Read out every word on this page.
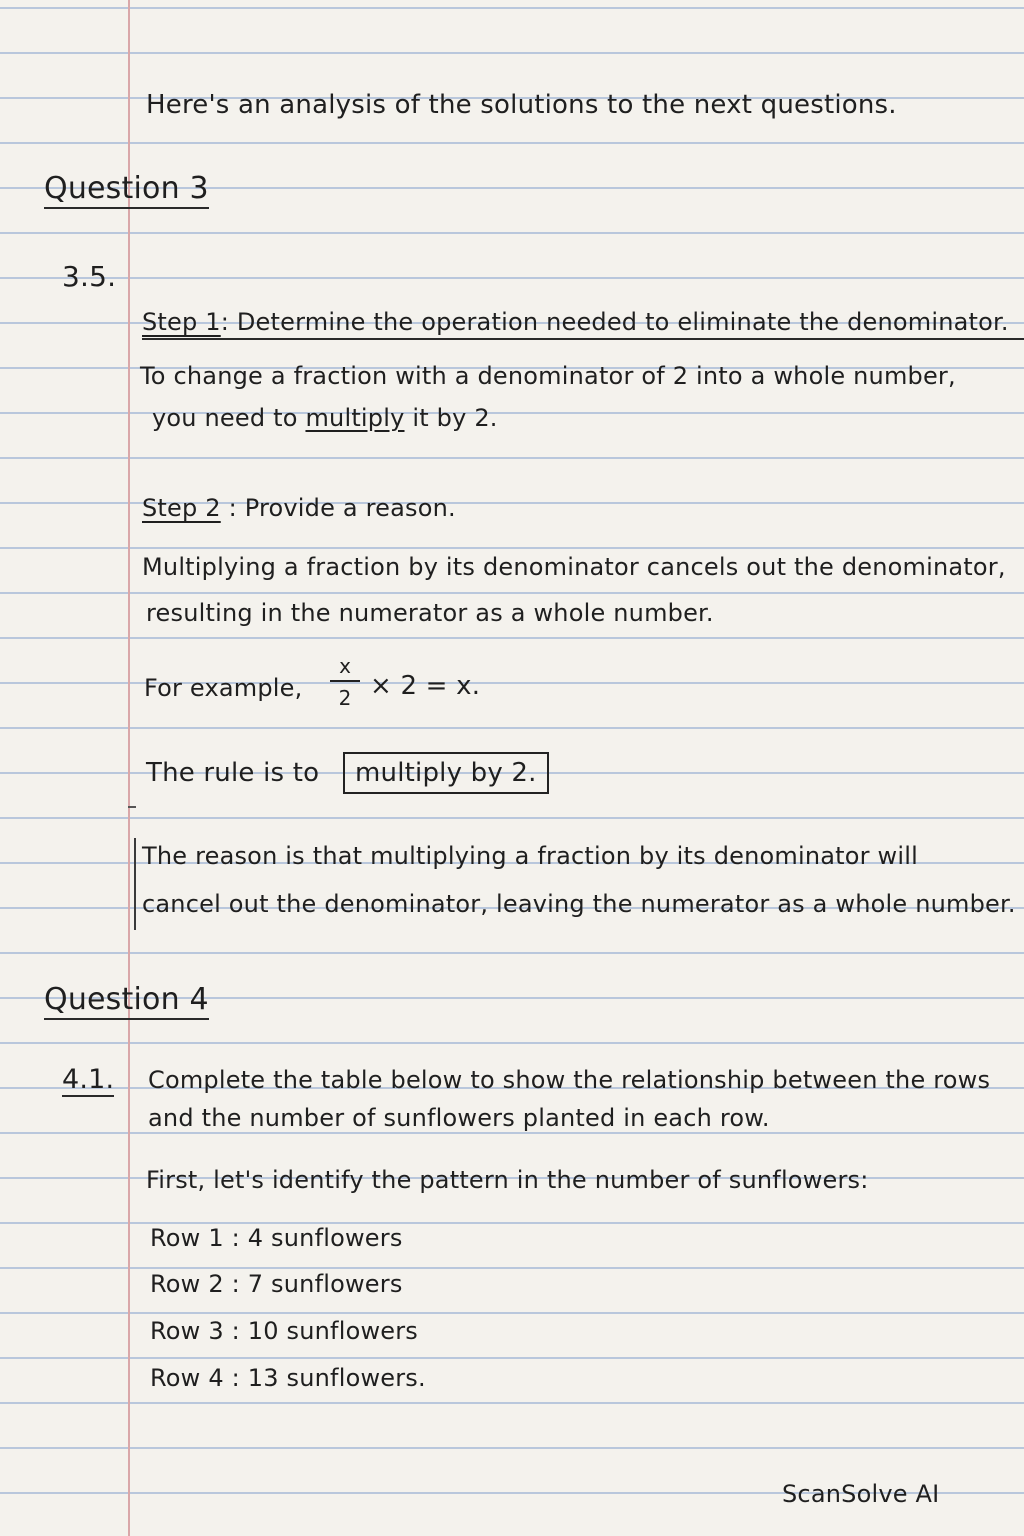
Here's an analysis of the solutions to the next questions.
Question 3
3.5.
Step 1: Determine the operation needed to eliminate the denominator.
To change a fraction with a denominator of 2 into a whole number,
you need to multiply it by 2.
Step 2 : Provide a reason.
Multiplying a fraction by its denominator cancels out the denominator,
resulting in the numerator as a whole number.
For example,
x
2 × 2 = x.
The rule is to	multiply by 2.
The reason is that multiplying a fraction by its denominator will
cancel out the denominator, leaving the numerator as a whole number.
Question 4
4.1. Complete the table below to show the relationship between the rows
and the number of sunflowers planted in each row.
First, let's identify the pattern in the number of sunflowers:
Row 1 : 4 sunflowers
Row 2 : 7 sunflowers
Row 3 : 10 sunflowers
Row 4 : 13 sunflowers.
ScanSolve AI
